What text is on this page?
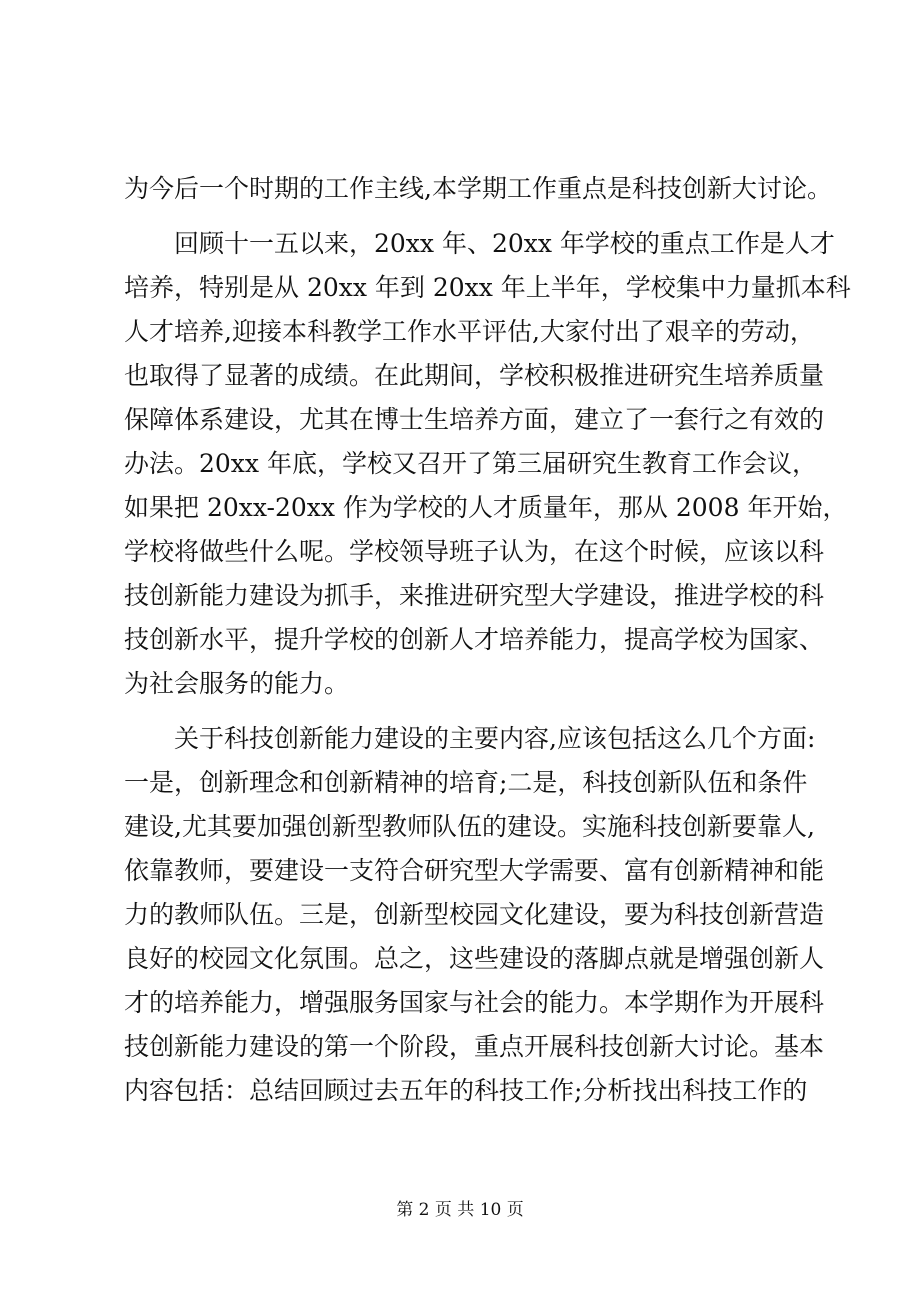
为今后一个时期的工作主线,本学期工作重点是科技创新大讨论。
回顾十一五以来，20xx 年、20xx 年学校的重点工作是人才
培养，特别是从 20xx 年到 20xx 年上半年，学校集中力量抓本科
人才培养,迎接本科教学工作水平评估,大家付出了艰辛的劳动，
也取得了显著的成绩。在此期间，学校积极推进研究生培养质量
保障体系建设，尤其在博士生培养方面，建立了一套行之有效的
办法。20xx 年底，学校又召开了第三届研究生教育工作会议，
如果把 20xx-20xx 作为学校的人才质量年，那从 2008 年开始，
学校将做些什么呢。学校领导班子认为，在这个时候，应该以科
技创新能力建设为抓手，来推进研究型大学建设，推进学校的科
技创新水平，提升学校的创新人才培养能力，提高学校为国家、
为社会服务的能力。
关于科技创新能力建设的主要内容,应该包括这么几个方面:
一是，创新理念和创新精神的培育;二是，科技创新队伍和条件
建设,尤其要加强创新型教师队伍的建设。实施科技创新要靠人,
依靠教师，要建设一支符合研究型大学需要、富有创新精神和能
力的教师队伍。三是，创新型校园文化建设，要为科技创新营造
良好的校园文化氛围。总之，这些建设的落脚点就是增强创新人
才的培养能力，增强服务国家与社会的能力。本学期作为开展科
技创新能力建设的第一个阶段，重点开展科技创新大讨论。基本
内容包括：总结回顾过去五年的科技工作;分析找出科技工作的
第 2 页 共 10 页
